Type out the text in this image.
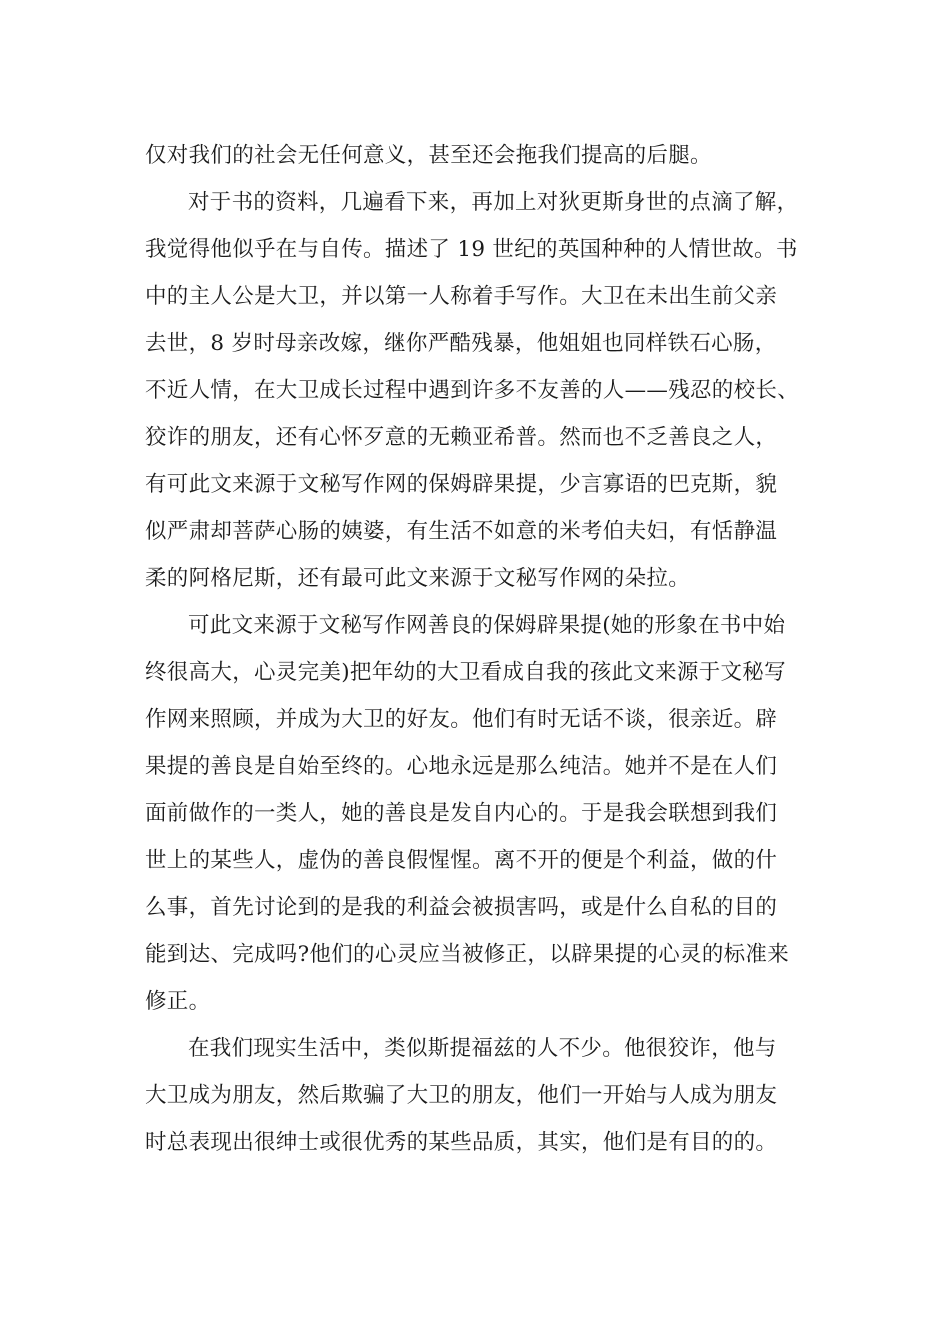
仅对我们的社会无任何意义，甚至还会拖我们提高的后腿。

对于书的资料，几遍看下来，再加上对狄更斯身世的点滴了解，
我觉得他似乎在与自传。描述了 19 世纪的英国种种的人情世故。书
中的主人公是大卫，并以第一人称着手写作。大卫在未出生前父亲
去世，8 岁时母亲改嫁，继你严酷残暴，他姐姐也同样铁石心肠，
不近人情，在大卫成长过程中遇到许多不友善的人——残忍的校长、
狡诈的朋友，还有心怀歹意的无赖亚希普。然而也不乏善良之人，
有可此文来源于文秘写作网的保姆辟果提，少言寡语的巴克斯，貌
似严肃却菩萨心肠的姨婆，有生活不如意的米考伯夫妇，有恬静温
柔的阿格尼斯，还有最可此文来源于文秘写作网的朵拉。

可此文来源于文秘写作网善良的保姆辟果提(她的形象在书中始
终很高大，心灵完美)把年幼的大卫看成自我的孩此文来源于文秘写
作网来照顾，并成为大卫的好友。他们有时无话不谈，很亲近。辟
果提的善良是自始至终的。心地永远是那么纯洁。她并不是在人们
面前做作的一类人，她的善良是发自内心的。于是我会联想到我们
世上的某些人，虚伪的善良假惺惺。离不开的便是个利益，做的什
么事，首先讨论到的是我的利益会被损害吗，或是什么自私的目的
能到达、完成吗?他们的心灵应当被修正，以辟果提的心灵的标准来
修正。

在我们现实生活中，类似斯提福兹的人不少。他很狡诈，他与
大卫成为朋友，然后欺骗了大卫的朋友，他们一开始与人成为朋友
时总表现出很绅士或很优秀的某些品质，其实，他们是有目的的。
